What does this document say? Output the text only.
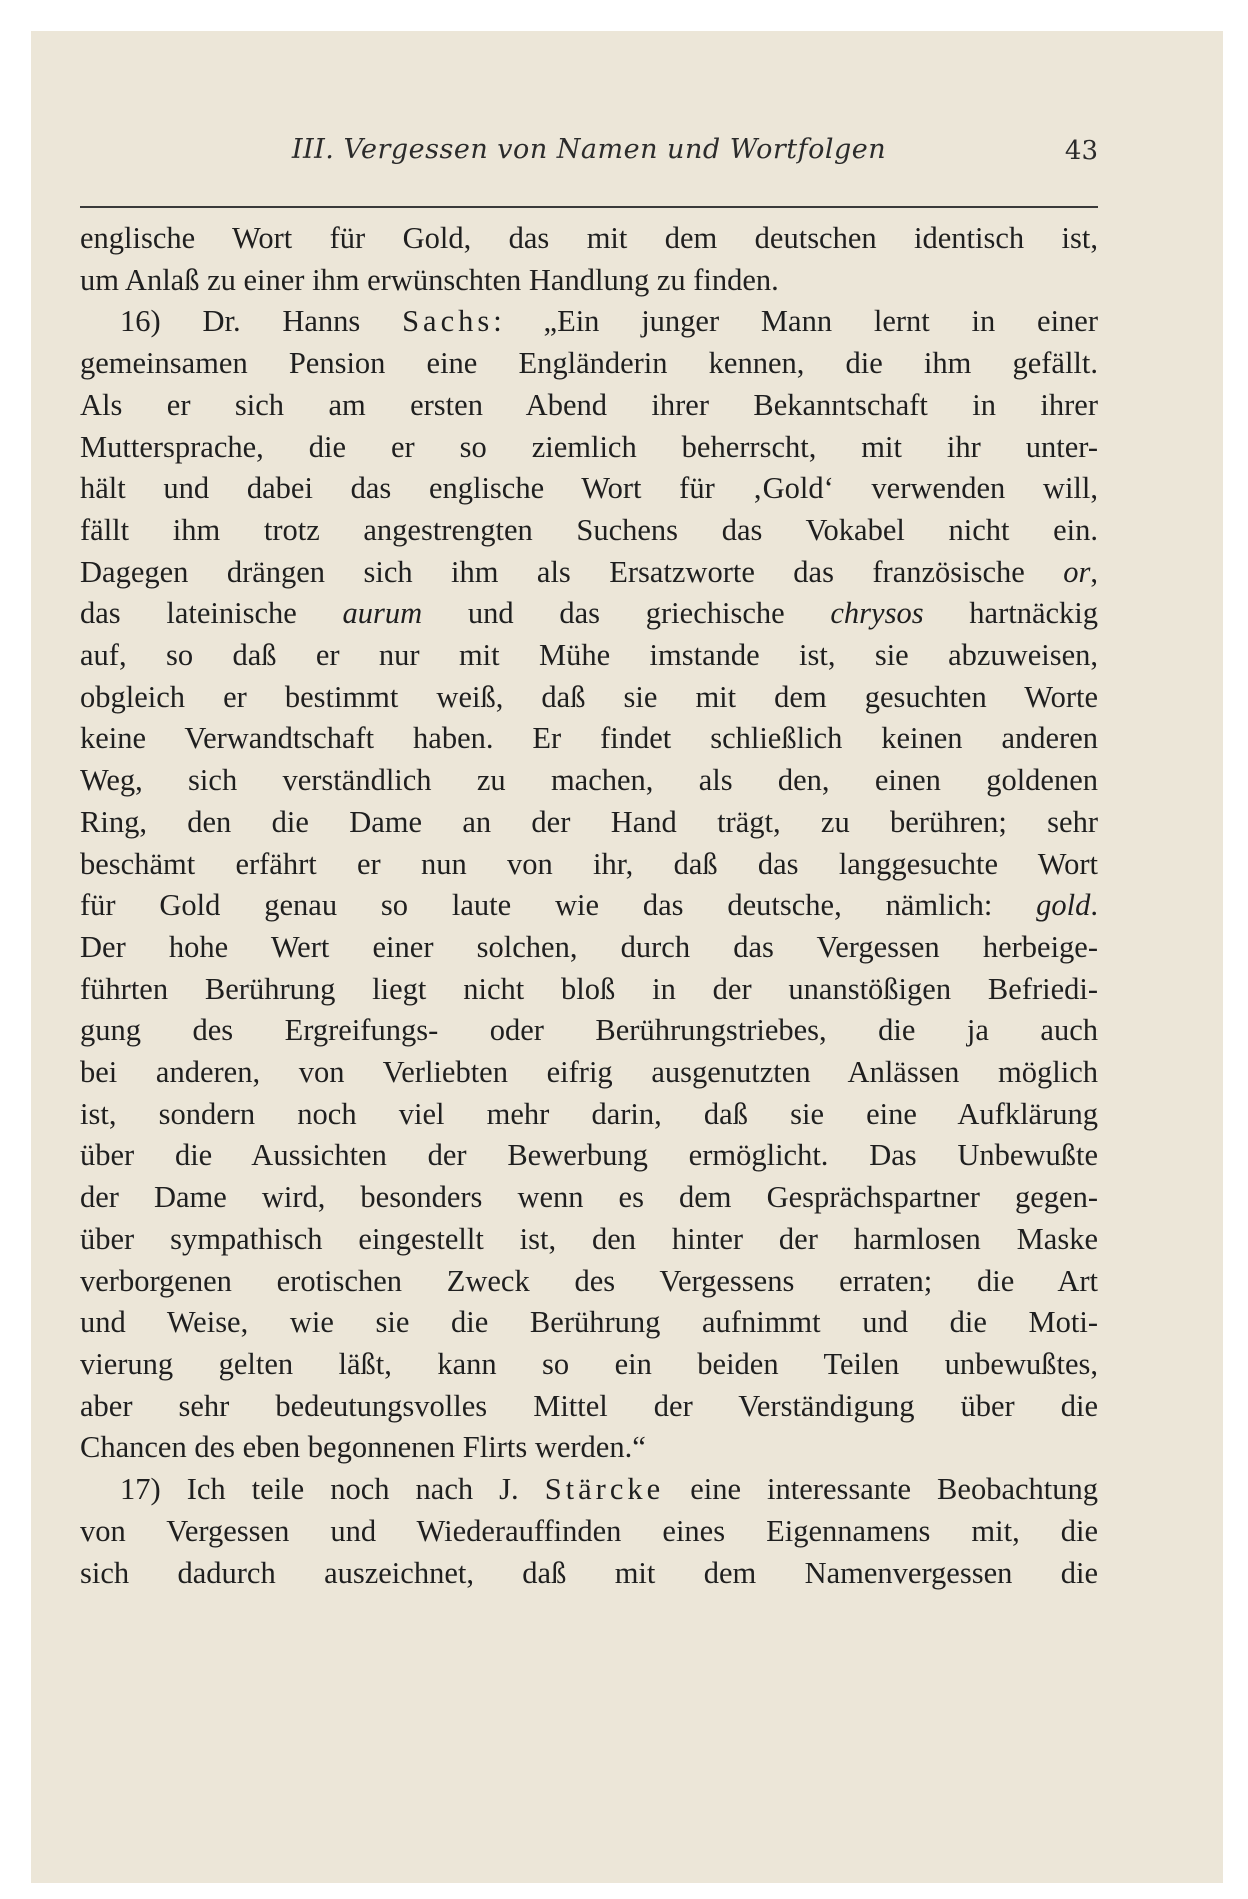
III. Vergessen von Namen und Wortfolgen	43
englische Wort für Gold, das mit dem deutschen identisch ist,
um Anlaß zu einer ihm erwünschten Handlung zu finden.
16) Dr. Hanns Sachs: „Ein junger Mann lernt in einer
gemeinsamen Pension eine Engländerin kennen, die ihm gefällt.
Als er sich am ersten Abend ihrer Bekanntschaft in ihrer
Muttersprache, die er so ziemlich beherrscht, mit ihr unter-
hält und dabei das englische Wort für ‚Gold‘ verwenden will,
fällt ihm trotz angestrengten Suchens das Vokabel nicht ein.
Dagegen drängen sich ihm als Ersatzworte das französische or,
das lateinische aurum und das griechische chrysos hartnäckig
auf, so daß er nur mit Mühe imstande ist, sie abzuweisen,
obgleich er bestimmt weiß, daß sie mit dem gesuchten Worte
keine Verwandtschaft haben. Er findet schließlich keinen anderen
Weg, sich verständlich zu machen, als den, einen goldenen
Ring, den die Dame an der Hand trägt, zu berühren; sehr
beschämt erfährt er nun von ihr, daß das langgesuchte Wort
für Gold genau so laute wie das deutsche, nämlich: gold.
Der hohe Wert einer solchen, durch das Vergessen herbeige-
führten Berührung liegt nicht bloß in der unanstößigen Befriedi-
gung des Ergreifungs- oder Berührungstriebes, die ja auch
bei anderen, von Verliebten eifrig ausgenutzten Anlässen möglich
ist, sondern noch viel mehr darin, daß sie eine Aufklärung
über die Aussichten der Bewerbung ermöglicht. Das Unbewußte
der Dame wird, besonders wenn es dem Gesprächspartner gegen-
über sympathisch eingestellt ist, den hinter der harmlosen Maske
verborgenen erotischen Zweck des Vergessens erraten; die Art
und Weise, wie sie die Berührung aufnimmt und die Moti-
vierung gelten läßt, kann so ein beiden Teilen unbewußtes,
aber sehr bedeutungsvolles Mittel der Verständigung über die
Chancen des eben begonnenen Flirts werden.“
17) Ich teile noch nach J. Stärcke eine interessante Beobachtung
von Vergessen und Wiederauffinden eines Eigennamens mit, die
sich dadurch auszeichnet, daß mit dem Namenvergessen die
